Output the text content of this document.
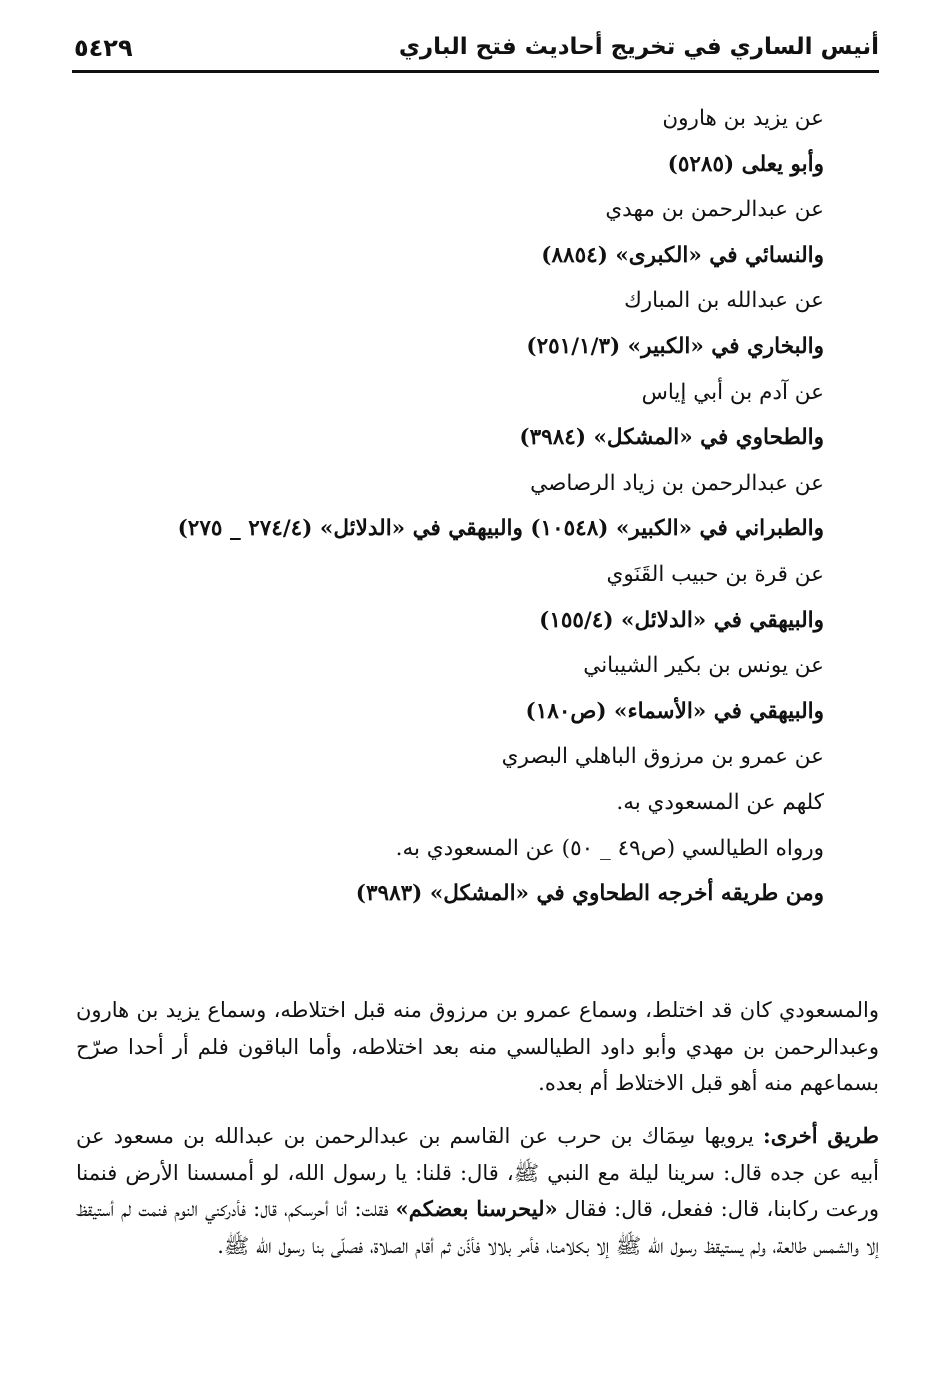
أنيس الساري في تخريج أحاديث فتح الباري
٥٤٢٩
عن يزيد بن هارون
وأبو يعلى (٥٢٨٥)
عن عبدالرحمن بن مهدي
والنسائي في «الكبرى» (٨٨٥٤)
عن عبدالله بن المبارك
والبخاري في «الكبير» (٢٥١/١/٣)
عن آدم بن أبي إياس
والطحاوي في «المشكل» (٣٩٨٤)
عن عبدالرحمن بن زياد الرصاصي
والطبراني في «الكبير» (١٠٥٤٨) والبيهقي في «الدلائل» (٢٧٤/٤ _ ٢٧٥)
عن قرة بن حبيب القَنَوي
والبيهقي في «الدلائل» (١٥٥/٤)
عن يونس بن بكير الشيباني
والبيهقي في «الأسماء» (ص١٨٠)
عن عمرو بن مرزوق الباهلي البصري
كلهم عن المسعودي به.
ورواه الطيالسي (ص٤٩ _ ٥٠) عن المسعودي به.
ومن طريقه أخرجه الطحاوي في «المشكل» (٣٩٨٣)
والمسعودي كان قد اختلط، وسماع عمرو بن مرزوق منه قبل اختلاطه، وسماع يزيد بن هارون وعبدالرحمن بن مهدي وأبو داود الطيالسي منه بعد اختلاطه، وأما الباقون فلم أر أحدا صرّح بسماعهم منه أهو قبل الاختلاط أم بعده.
طريق أخرى: يرويها سِمَاك بن حرب عن القاسم بن عبدالرحمن بن عبدالله بن مسعود عن أبيه عن جده قال: سرينا ليلة مع النبي ﷺ، قال: قلنا: يا رسول الله، لو أمسسنا الأرض فنمنا ورعت ركابنا، قال: ففعل، قال: فقال «ليحرسنا بعضكم» فقلت: أنا أحرسكم، قال: فأدركني النوم فنمت لم أستيقظ إلا والشمس طالعة، ولم يستيقظ رسول الله ﷺ إلا بكلامنا، فأمر بلالا فأذّن ثم أقام الصلاة، فصلّى بنا رسول الله ﷺ.
